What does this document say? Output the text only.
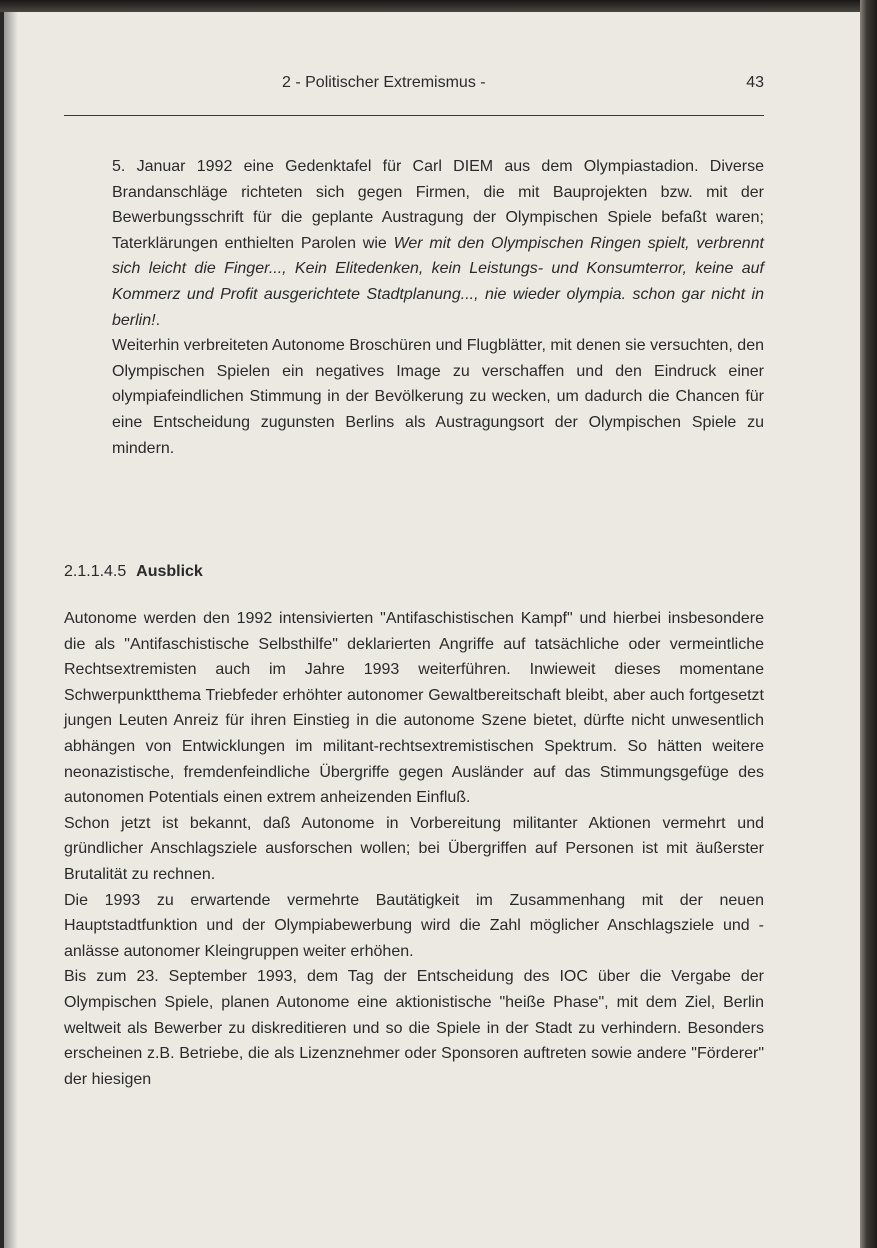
2 - Politischer Extremismus -	43

5. Januar 1992 eine Gedenktafel für Carl DIEM aus dem Olympiastadion. Diverse Brandanschläge richteten sich gegen Firmen, die mit Bauprojekten bzw. mit der Bewerbungsschrift für die geplante Austragung der Olympischen Spiele befaßt waren; Taterklärungen enthielten Parolen wie Wer mit den Olympischen Ringen spielt, verbrennt sich leicht die Finger..., Kein Elitedenken, kein Leistungs- und Konsumterror, keine auf Kommerz und Profit ausgerichtete Stadtplanung..., nie wieder olympia. schon gar nicht in berlin!.

Weiterhin verbreiteten Autonome Broschüren und Flugblätter, mit denen sie versuchten, den Olympischen Spielen ein negatives Image zu verschaffen und den Eindruck einer olympiafeindlichen Stimmung in der Bevölkerung zu wecken, um dadurch die Chancen für eine Entscheidung zugunsten Berlins als Austragungsort der Olympischen Spiele zu mindern.

2.1.1.4.5 Ausblick

Autonome werden den 1992 intensivierten "Antifaschistischen Kampf" und hierbei insbesondere die als "Antifaschistische Selbsthilfe" deklarierten Angriffe auf tatsächliche oder vermeintliche Rechtsextremisten auch im Jahre 1993 weiterführen. Inwieweit dieses momentane Schwerpunktthema Triebfeder erhöhter autonomer Gewaltbereitschaft bleibt, aber auch fortgesetzt jungen Leuten Anreiz für ihren Einstieg in die autonome Szene bietet, dürfte nicht unwesentlich abhängen von Entwicklungen im militant-rechtsextremistischen Spektrum. So hätten weitere neonazistische, fremdenfeindliche Übergriffe gegen Ausländer auf das Stimmungsgefüge des autonomen Potentials einen extrem anheizenden Einfluß.

Schon jetzt ist bekannt, daß Autonome in Vorbereitung militanter Aktionen vermehrt und gründlicher Anschlagsziele ausforschen wollen; bei Übergriffen auf Personen ist mit äußerster Brutalität zu rechnen.

Die 1993 zu erwartende vermehrte Bautätigkeit im Zusammenhang mit der neuen Hauptstadtfunktion und der Olympiabewerbung wird die Zahl möglicher Anschlagsziele und -anlässe autonomer Kleingruppen weiter erhöhen.

Bis zum 23. September 1993, dem Tag der Entscheidung des IOC über die Vergabe der Olympischen Spiele, planen Autonome eine aktionistische "heiße Phase", mit dem Ziel, Berlin weltweit als Bewerber zu diskreditieren und so die Spiele in der Stadt zu verhindern. Besonders erscheinen z.B. Betriebe, die als Lizenznehmer oder Sponsoren auftreten sowie andere "Förderer" der hiesigen
